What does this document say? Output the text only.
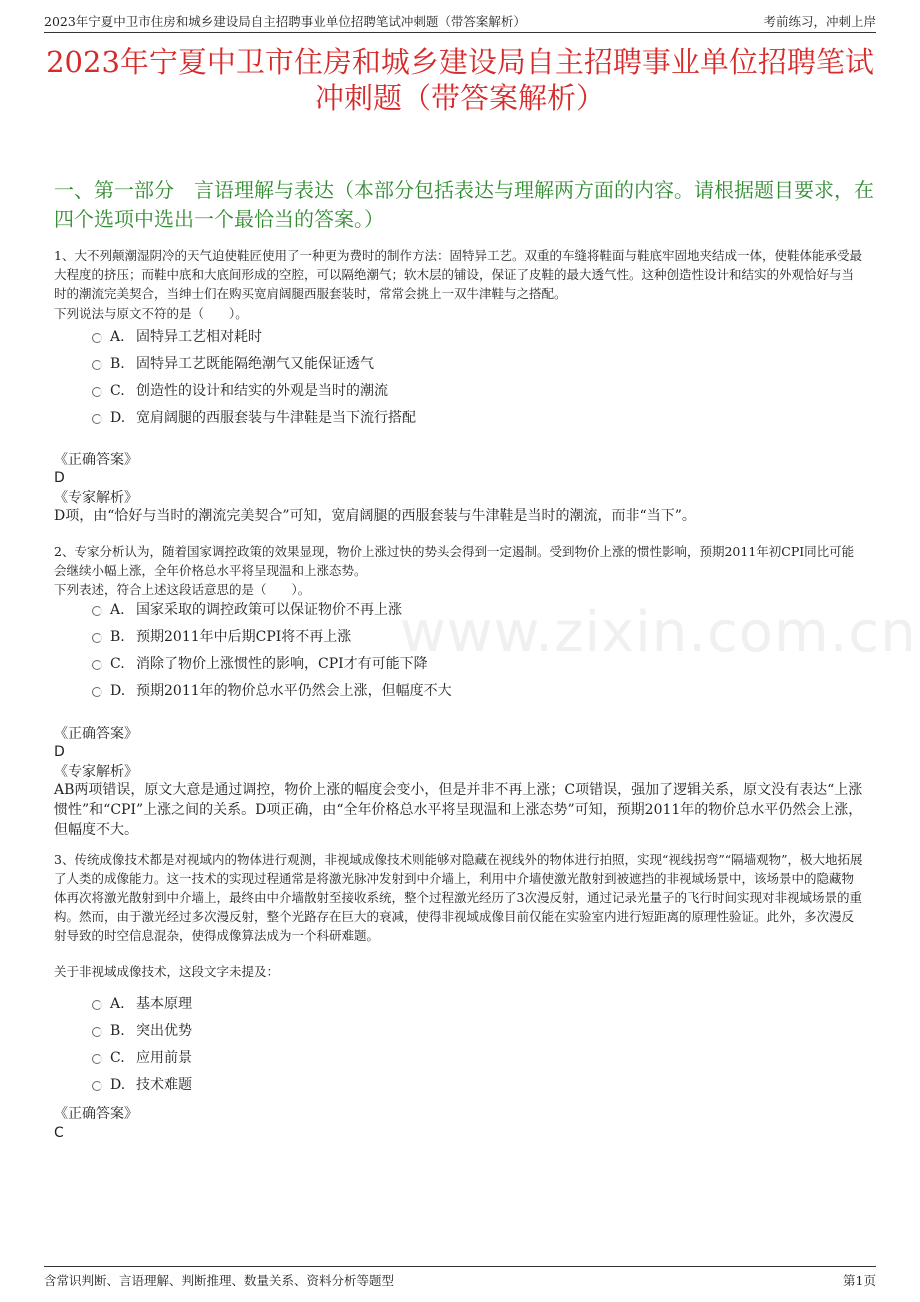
2023年宁夏中卫市住房和城乡建设局自主招聘事业单位招聘笔试冲刺题（带答案解析）	考前练习，冲刺上岸
2023年宁夏中卫市住房和城乡建设局自主招聘事业单位招聘笔试冲刺题（带答案解析）
一、第一部分　言语理解与表达（本部分包括表达与理解两方面的内容。请根据题目要求，在四个选项中选出一个最恰当的答案。）
www.zixin.com.cn

1、大不列颠潮湿阴冷的天气迫使鞋匠使用了一种更为费时的制作方法：固特异工艺。双重的车缝将鞋面与鞋底牢固地夹结成一体，使鞋体能承受最大程度的挤压；而鞋中底和大底间形成的空腔，可以隔绝潮气；软木层的铺设，保证了皮鞋的最大透气性。这种创造性设计和结实的外观恰好与当时的潮流完美契合，当绅士们在购买宽肩阔腿西服套装时，常常会挑上一双牛津鞋与之搭配。

下列说法与原文不符的是（　　）。
A. 固特异工艺相对耗时
B. 固特异工艺既能隔绝潮气又能保证透气
C. 创造性的设计和结实的外观是当时的潮流
D. 宽肩阔腿的西服套装与牛津鞋是当下流行搭配
《正确答案》
D
《专家解析》

D项，由“恰好与当时的潮流完美契合”可知，宽肩阔腿的西服套装与牛津鞋是当时的潮流，而非“当下”。

2、专家分析认为，随着国家调控政策的效果显现，物价上涨过快的势头会得到一定遏制。受到物价上涨的惯性影响，预期2011年初CPI同比可能会继续小幅上涨，全年价格总水平将呈现温和上涨态势。

下列表述，符合上述这段话意思的是（　　）。
A. 国家采取的调控政策可以保证物价不再上涨
B. 预期2011年中后期CPI将不再上涨
C. 消除了物价上涨惯性的影响，CPI才有可能下降
D. 预期2011年的物价总水平仍然会上涨，但幅度不大
《正确答案》
D
《专家解析》

AB两项错误，原文大意是通过调控，物价上涨的幅度会变小，但是并非不再上涨；C项错误，强加了逻辑关系，原文没有表达“上涨惯性”和“CPI”上涨之间的关系。D项正确，由“全年价格总水平将呈现温和上涨态势”可知，预期2011年的物价总水平仍然会上涨，但幅度不大。

3、传统成像技术都是对视域内的物体进行观测，非视域成像技术则能够对隐藏在视线外的物体进行拍照，实现“视线拐弯”“隔墙观物”，极大地拓展了人类的成像能力。这一技术的实现过程通常是将激光脉冲发射到中介墙上，利用中介墙使激光散射到被遮挡的非视域场景中，该场景中的隐藏物体再次将激光散射到中介墙上，最终由中介墙散射至接收系统，整个过程激光经历了3次漫反射，通过记录光量子的飞行时间实现对非视域场景的重构。然而，由于激光经过多次漫反射，整个光路存在巨大的衰减，使得非视域成像目前仅能在实验室内进行短距离的原理性验证。此外，多次漫反射导致的时空信息混杂，使得成像算法成为一个科研难题。

关于非视域成像技术，这段文字未提及：
A. 基本原理
B. 突出优势
C. 应用前景
D. 技术难题
《正确答案》
C
含常识判断、言语理解、判断推理、数量关系、资料分析等题型	第1页
